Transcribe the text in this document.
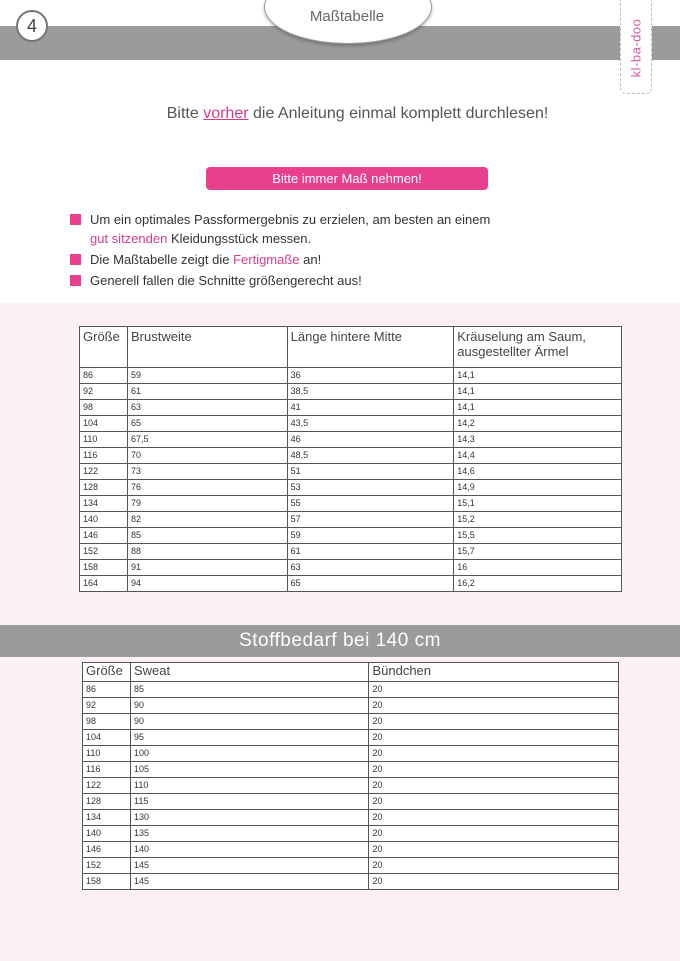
4	Maßtabelle
kl-ba-doo
Bitte vorher die Anleitung einmal komplett durchlesen!
Bitte immer Maß nehmen!
Um ein optimales Passformergebnis zu erzielen, am besten an einem
gut sitzenden Kleidungsstück messen.
Die Maßtabelle zeigt die Fertigmaße an!
Generell fallen die Schnitte größengerecht aus!
Größe	Brustweite	Länge hintere Mitte	Kräuselung am Saum, ausgestellter Ärmel
86	59	36	14,1
92	61	38,5	14,1
98	63	41	14,1
104	65	43,5	14,2
110	67,5	46	14,3
116	70	48,5	14,4
122	73	51	14,6
128	76	53	14,9
134	79	55	15,1
140	82	57	15,2
146	85	59	15,5
152	88	61	15,7
158	91	63	16
164	94	65	16,2
Stoffbedarf bei 140 cm
Größe	Sweat	Bündchen
86	85	20
92	90	20
98	90	20
104	95	20
110	100	20
116	105	20
122	110	20
128	115	20
134	130	20
140	135	20
146	140	20
152	145	20
158	145	20
